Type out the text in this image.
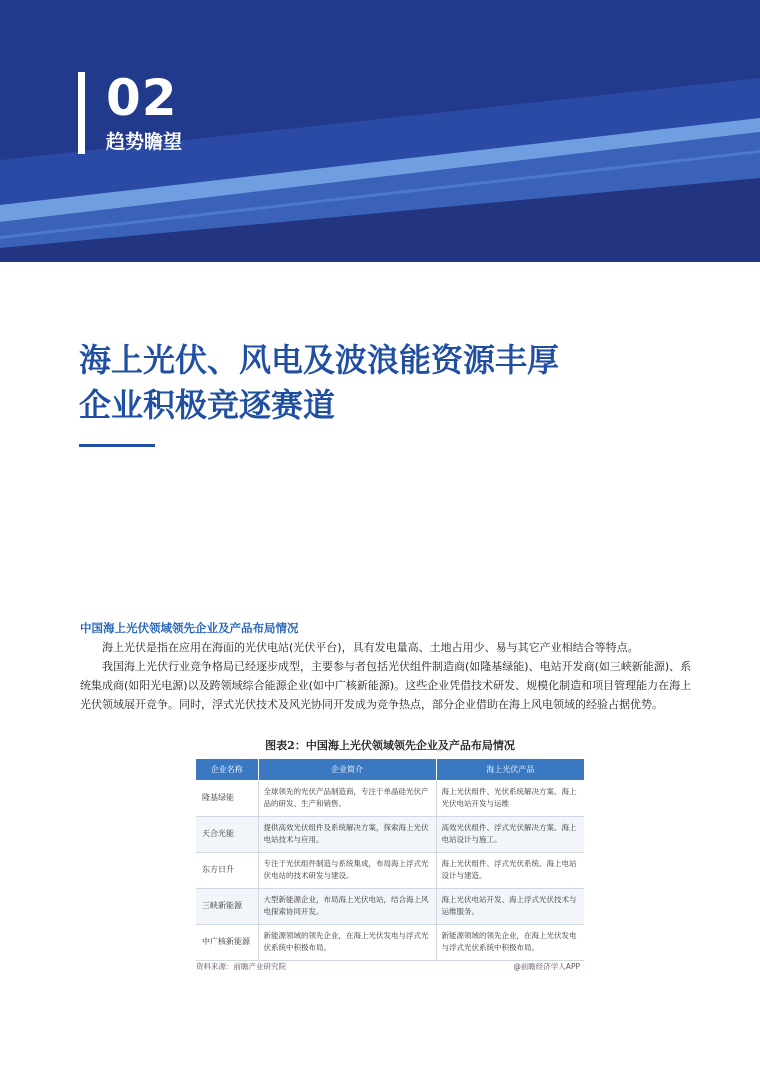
02
趋势瞻望
海上光伏、风电及波浪能资源丰厚
企业积极竞逐赛道
中国海上光伏领域领先企业及产品布局情况

海上光伏是指在应用在海面的光伏电站(光伏平台)，具有发电量高、土地占用少、易与其它产业相结合等特点。

我国海上光伏行业竞争格局已经逐步成型，主要参与者包括光伏组件制造商(如隆基绿能)、电站开发商(如三峡新能源)、系统集成商(如阳光电源)以及跨领域综合能源企业(如中广核新能源)。这些企业凭借技术研发、规模化制造和项目管理能力在海上光伏领域展开竞争。同时，浮式光伏技术及风光协同开发成为竞争热点，部分企业借助在海上风电领域的经验占据优势。

图表2：中国海上光伏领域领先企业及产品布局情况
企业名称	企业简介	海上光伏产品
隆基绿能	全球领先的光伏产品制造商，专注于单晶硅光伏产品的研发、生产和销售。	海上光伏组件、光伏系统解决方案、海上光伏电站开发与运维
天合光能	提供高效光伏组件及系统解决方案，探索海上光伏电站技术与应用。	高效光伏组件、浮式光伏解决方案、海上电站设计与施工。
东方日升	专注于光伏组件制造与系统集成，布局海上浮式光伏电站的技术研发与建设。	海上光伏组件、浮式光伏系统、海上电站设计与建造。
三峡新能源	大型新能源企业，布局海上光伏电站，结合海上风电探索协同开发。	海上光伏电站开发、海上浮式光伏技术与运维服务。
中广核新能源	新能源领域的领先企业，在海上光伏发电与浮式光伏系统中积极布局。	新能源领域的领先企业，在海上光伏发电与浮式光伏系统中积极布局。
资料来源：前瞻产业研究院	@前瞻经济学人APP
